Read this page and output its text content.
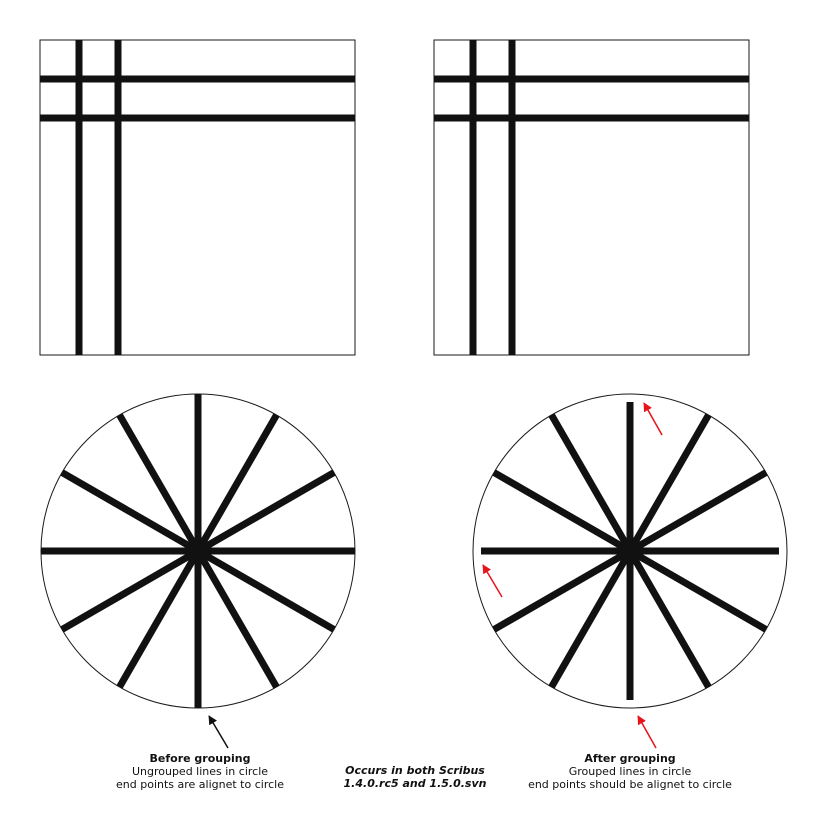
Before grouping
Ungrouped lines in circle
end points are alignet to circle
Occurs in both Scribus
1.4.0.rc5 and 1.5.0.svn
After grouping
Grouped lines in circle
end points should be alignet to circle
